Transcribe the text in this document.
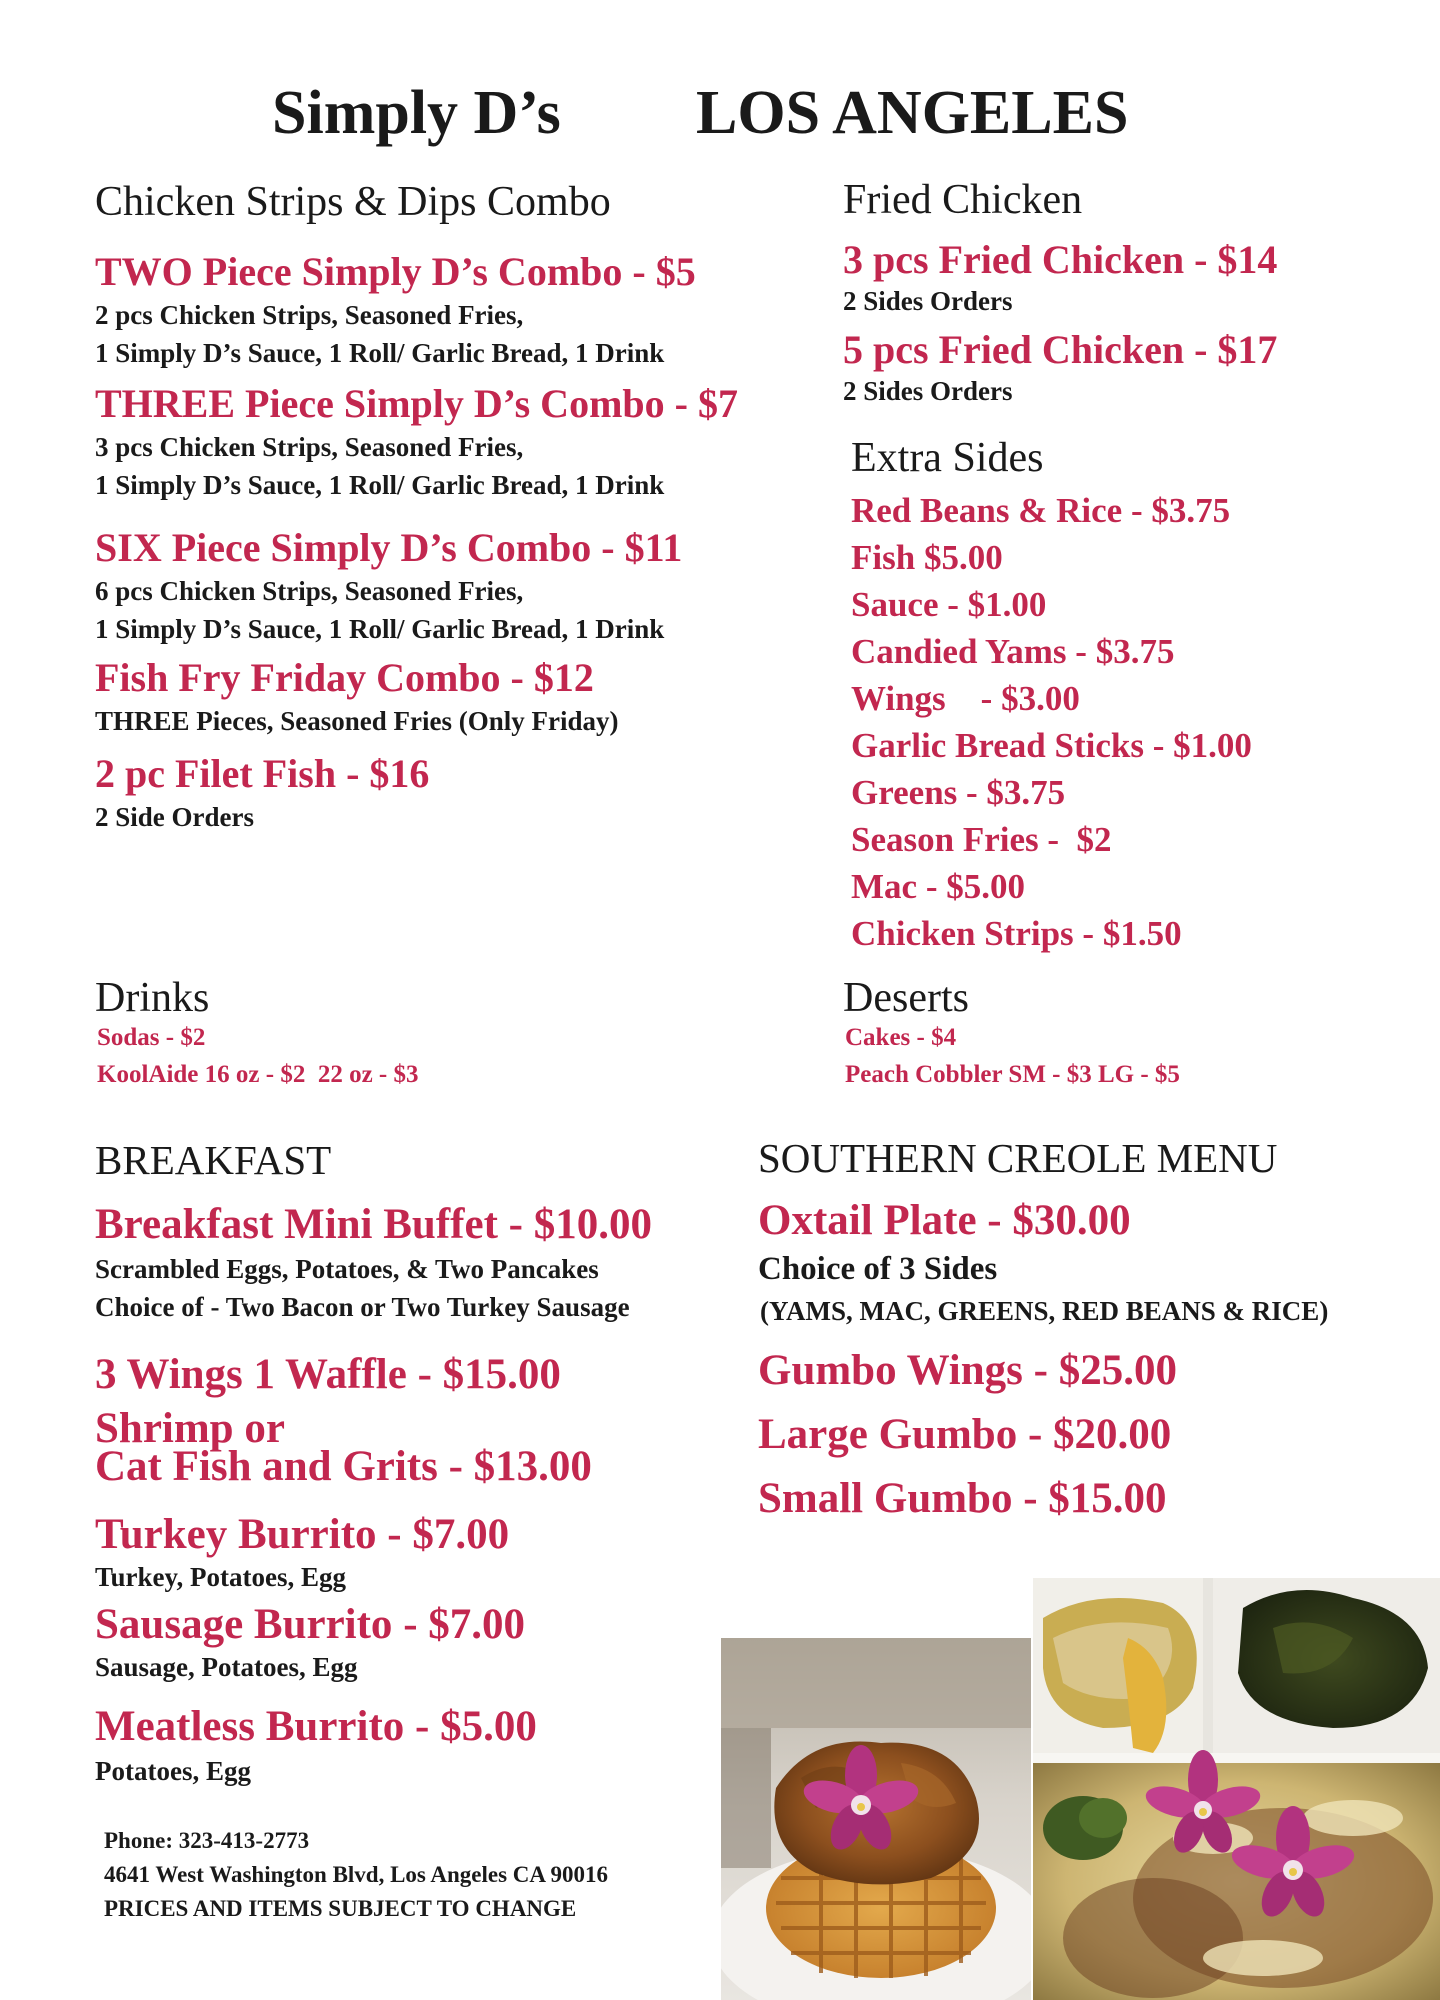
Simply D’s LOS ANGELES
Chicken Strips & Dips Combo
TWO Piece Simply D’s Combo - $5
2 pcs Chicken Strips, Seasoned Fries,
1 Simply D’s Sauce, 1 Roll/ Garlic Bread, 1 Drink
THREE Piece Simply D’s Combo - $7
3 pcs Chicken Strips, Seasoned Fries,
1 Simply D’s Sauce, 1 Roll/ Garlic Bread, 1 Drink
SIX Piece Simply D’s Combo - $11
6 pcs Chicken Strips, Seasoned Fries,
1 Simply D’s Sauce, 1 Roll/ Garlic Bread, 1 Drink
Fish Fry Friday Combo - $12
THREE Pieces, Seasoned Fries (Only Friday)
2 pc Filet Fish - $16
2 Side Orders
Fried Chicken
3 pcs Fried Chicken - $14
2 Sides Orders
5 pcs Fried Chicken - $17
2 Sides Orders
Extra Sides
Red Beans & Rice - $3.75
Fish $5.00
Sauce - $1.00
Candied Yams - $3.75
Wings    - $3.00
Garlic Bread Sticks - $1.00
Greens - $3.75
Season Fries -  $2
Mac - $5.00
Chicken Strips - $1.50
Drinks
Sodas - $2
KoolAide 16 oz - $2  22 oz - $3
Deserts
Cakes - $4
Peach Cobbler SM - $3 LG - $5
BREAKFAST
Breakfast Mini Buffet - $10.00
Scrambled Eggs, Potatoes, & Two Pancakes
Choice of - Two Bacon or Two Turkey Sausage
3 Wings 1 Waffle - $15.00
Shrimp or
Cat Fish and Grits - $13.00
Turkey Burrito - $7.00
Turkey, Potatoes, Egg
Sausage Burrito - $7.00
Sausage, Potatoes, Egg
Meatless Burrito - $5.00
Potatoes, Egg
SOUTHERN CREOLE MENU
Oxtail Plate - $30.00
Choice of 3 Sides
(YAMS, MAC, GREENS, RED BEANS & RICE)
Gumbo Wings - $25.00
Large Gumbo - $20.00
Small Gumbo - $15.00
Phone: 323-413-2773
4641 West Washington Blvd, Los Angeles CA 90016
PRICES AND ITEMS SUBJECT TO CHANGE
